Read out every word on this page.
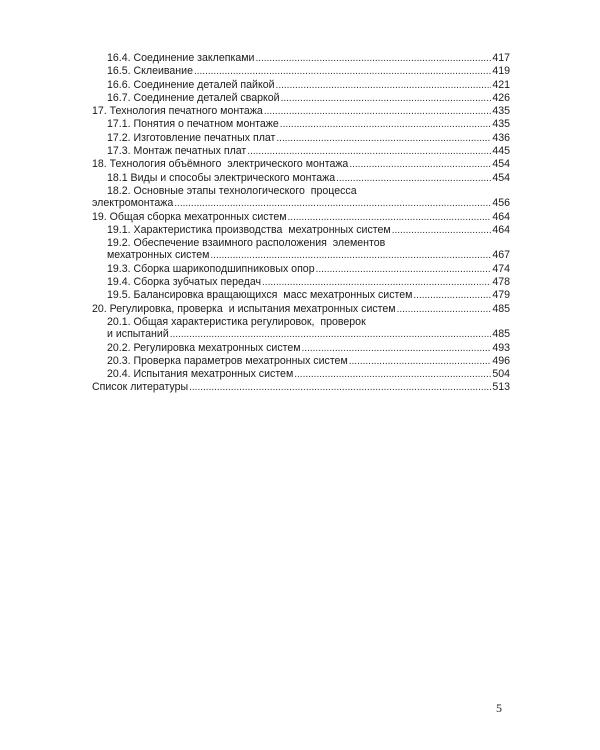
16.4. Соединение заклепками .....	417
16.5. Склеивание .....	419
16.6. Соединение деталей пайкой .....	421
16.7. Соединение деталей сваркой .....	426
17. Технология печатного монтажа .....	435
17.1. Понятия о печатном монтаже .....	435
17.2. Изготовление печатных плат .....	436
17.3. Монтаж печатных плат .....	445
18. Технология объёмного  электрического монтажа .....	454
18.1 Виды и способы электрического монтажа .....	454
18.2. Основные этапы технологического  процесса
электромонтажа .....	456
19. Общая сборка мехатронных систем .....	464
19.1. Характеристика производства  мехатронных систем .....	464
19.2. Обеспечение взаимного расположения  элементов
мехатронных систем .....	467
19.3. Сборка шарикоподшипниковых опор .....	474
19.4. Сборка зубчатых передач .....	478
19.5. Балансировка вращающихся  масс мехатронных систем .....	479
20. Регулировка, проверка  и испытания мехатронных систем .....	485
20.1. Общая характеристика регулировок,  проверок
и испытаний .....	485
20.2. Регулировка мехатронных систем .....	493
20.3. Проверка параметров мехатронных систем .....	496
20.4. Испытания мехатронных систем .....	504
Список литературы .....	513
5
